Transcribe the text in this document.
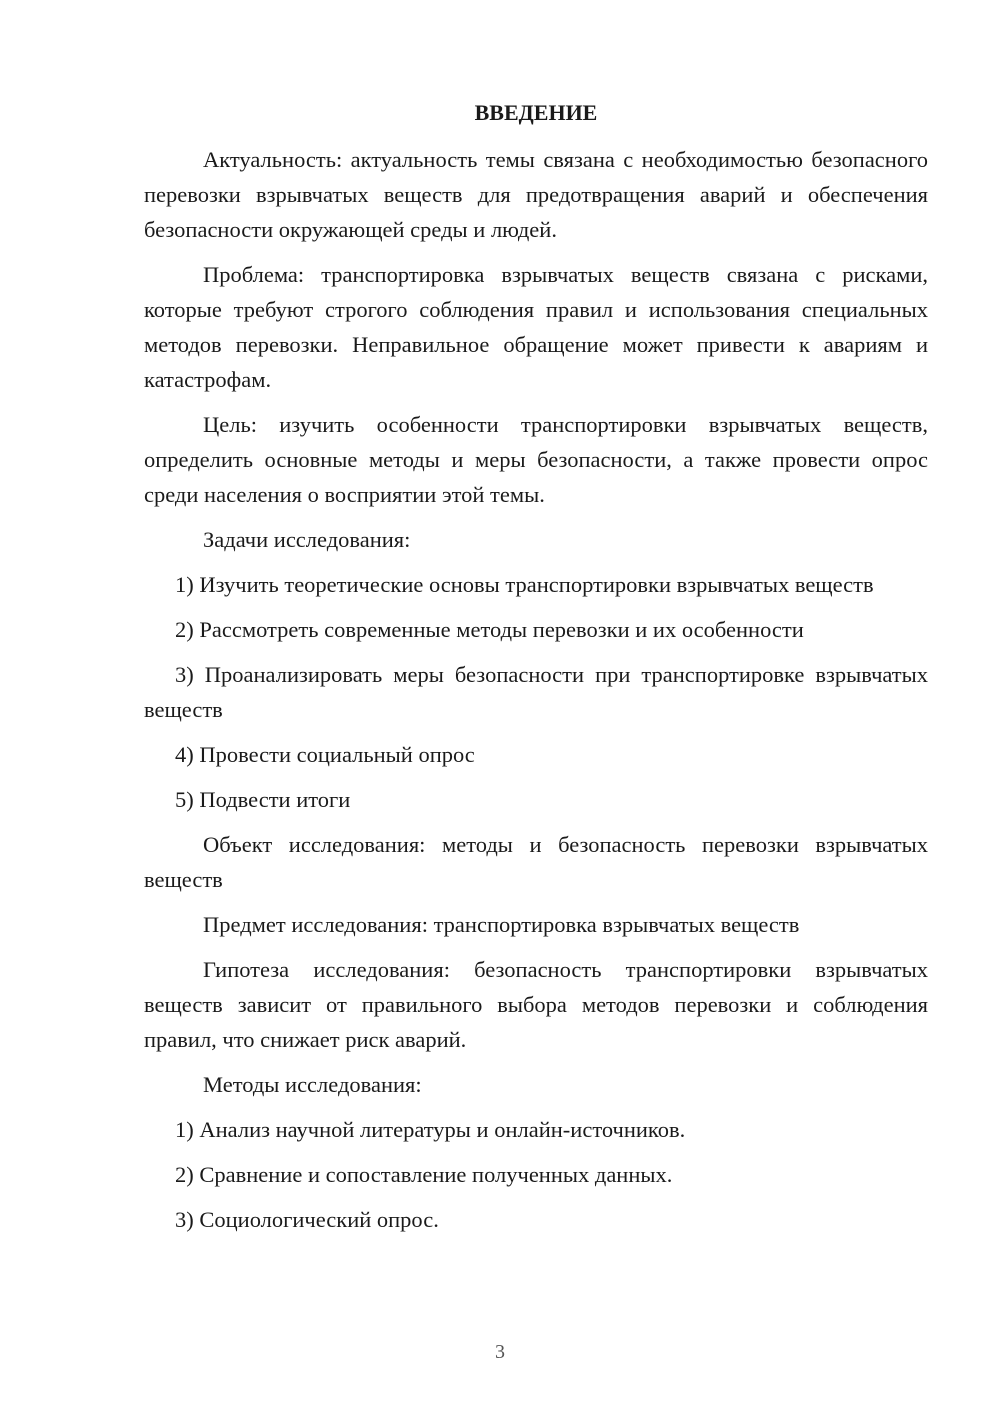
ВВЕДЕНИЕ

Актуальность: актуальность темы связана с необходимостью безопасного перевозки взрывчатых веществ для предотвращения аварий и обеспечения безопасности окружающей среды и людей.

Проблема: транспортировка взрывчатых веществ связана с рисками, которые требуют строгого соблюдения правил и использования специальных методов перевозки. Неправильное обращение может привести к авариям и катастрофам.

Цель: изучить особенности транспортировки взрывчатых веществ, определить основные методы и меры безопасности, а также провести опрос среди населения о восприятии этой темы.

Задачи исследования:

1) Изучить теоретические основы транспортировки взрывчатых веществ

2) Рассмотреть современные методы перевозки и их особенности

3) Проанализировать меры безопасности при транспортировке взрывчатых веществ

4) Провести социальный опрос

5) Подвести итоги

Объект исследования: методы и безопасность перевозки взрывчатых веществ

Предмет исследования: транспортировка взрывчатых веществ

Гипотеза исследования: безопасность транспортировки взрывчатых веществ зависит от правильного выбора методов перевозки и соблюдения правил, что снижает риск аварий.

Методы исследования:

1) Анализ научной литературы и онлайн-источников.

2) Сравнение и сопоставление полученных данных.

3) Социологический опрос.

3
